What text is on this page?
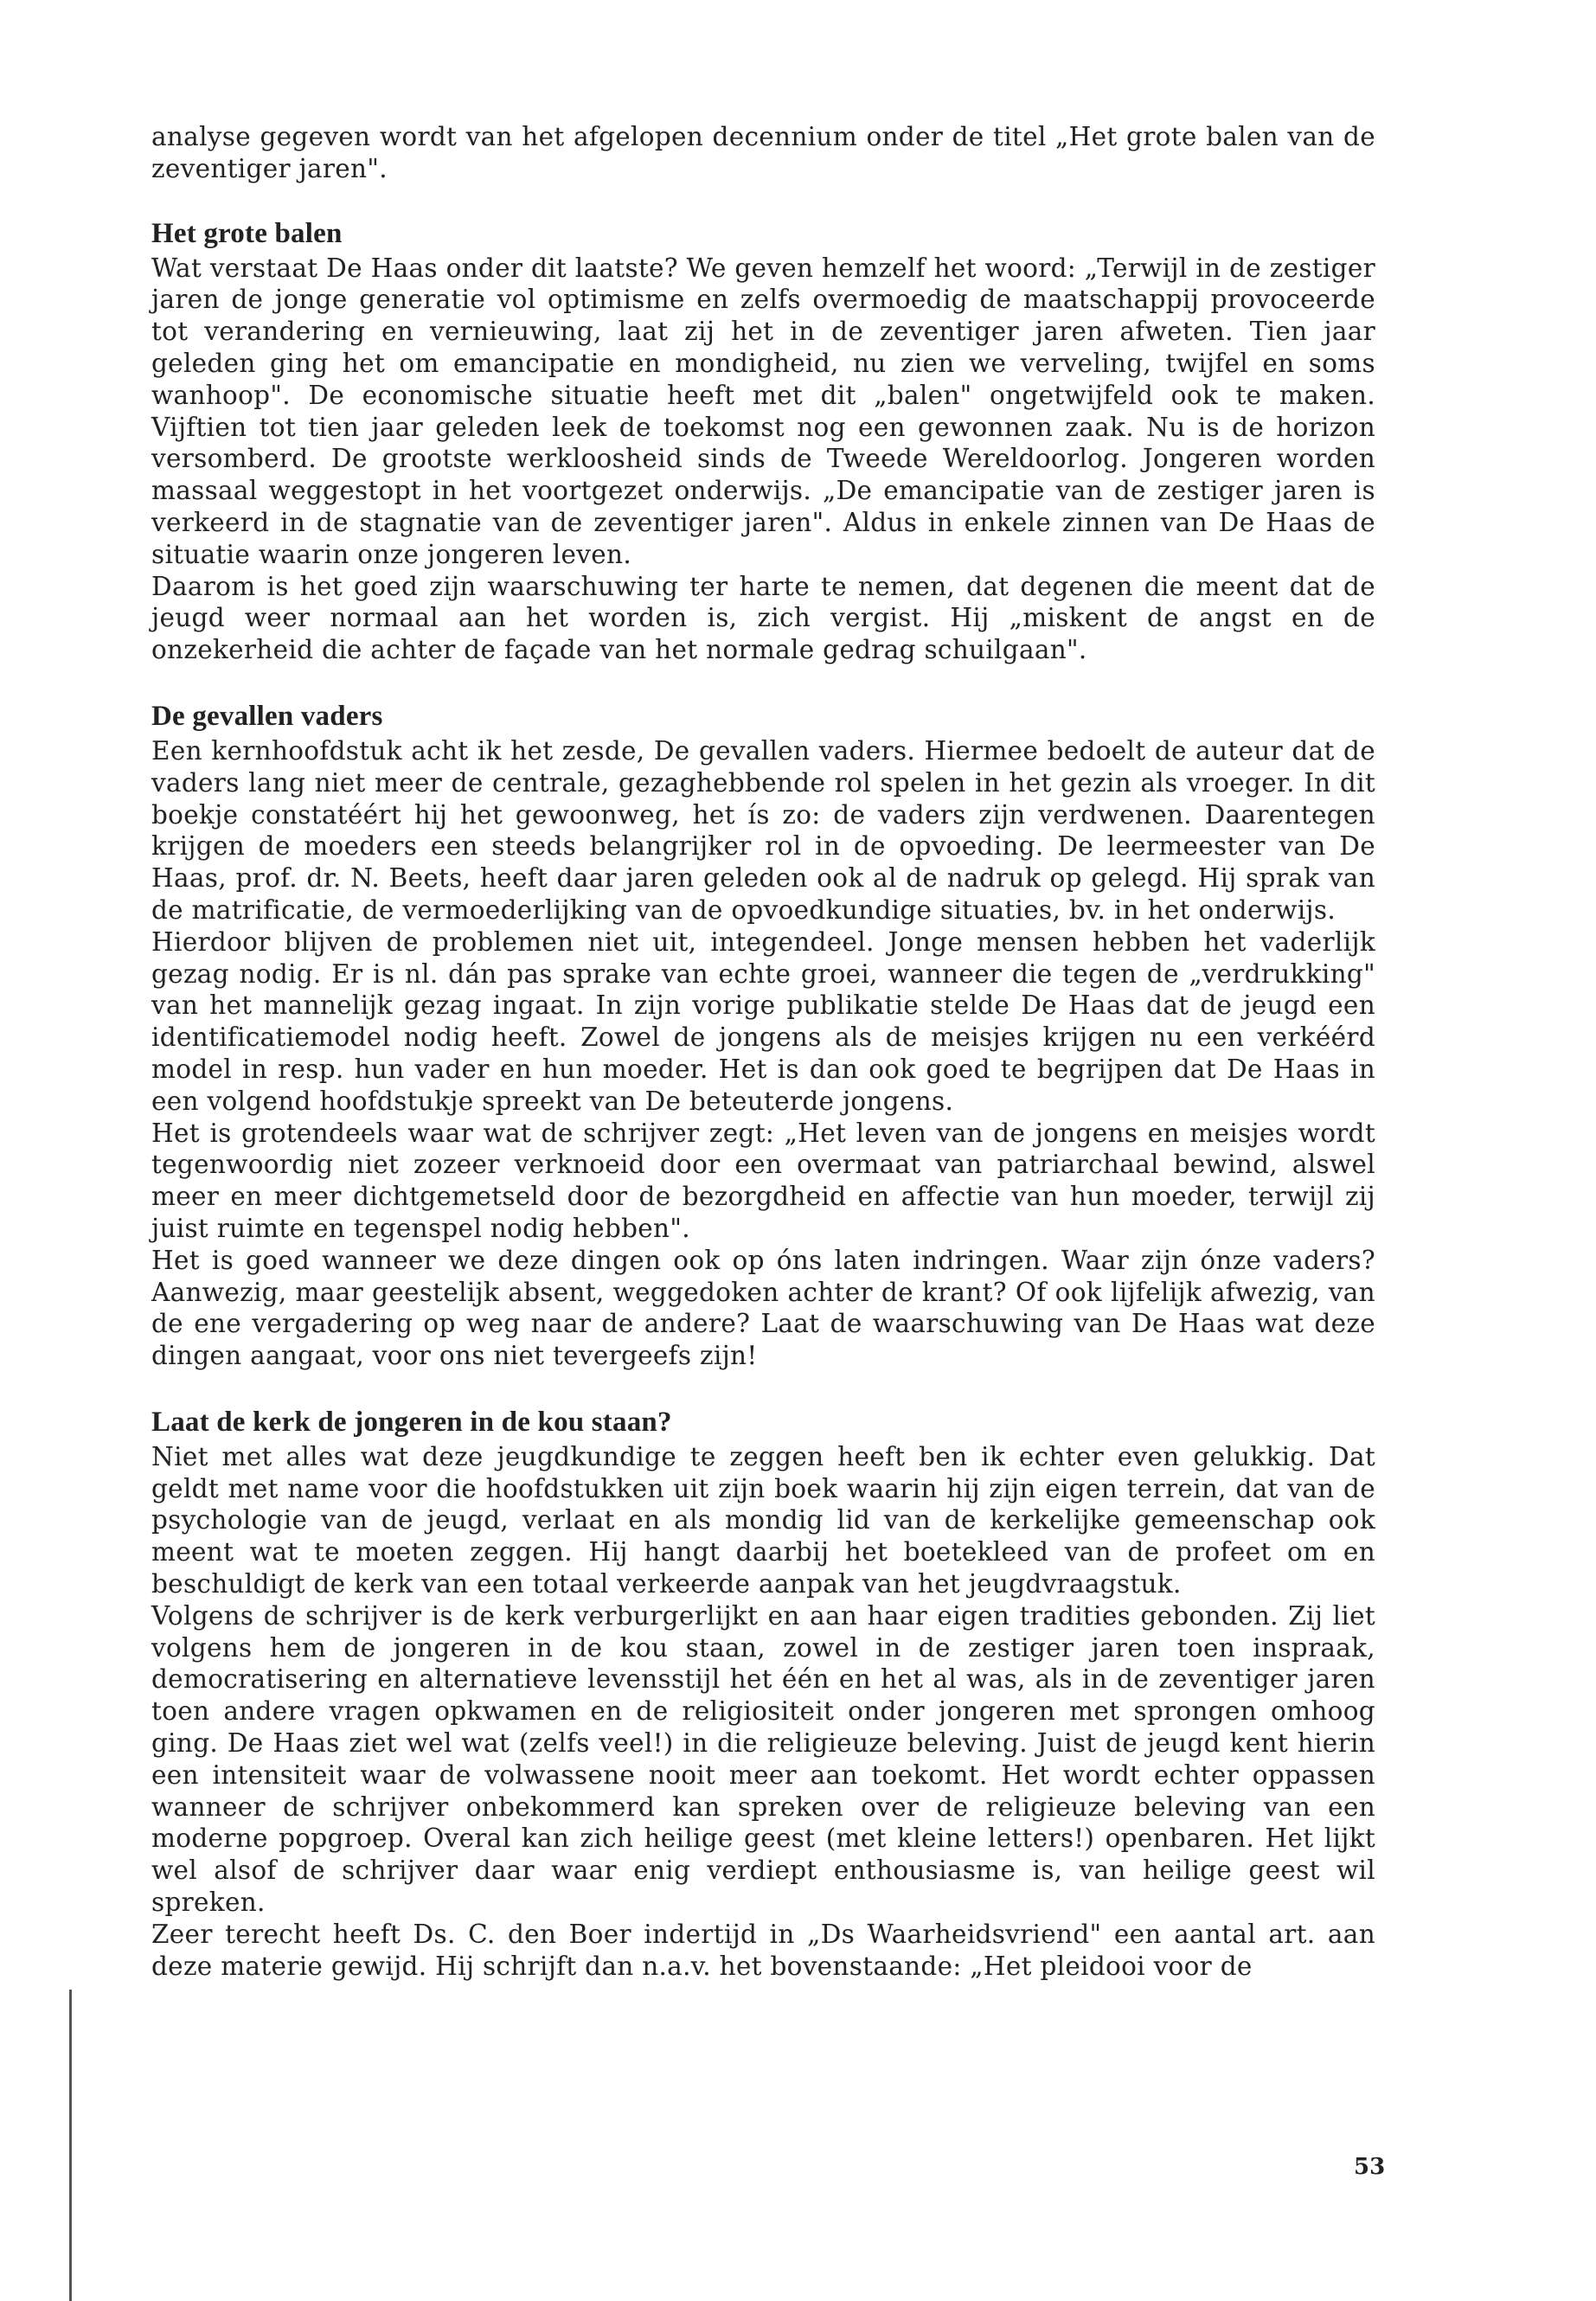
analyse gegeven wordt van het afgelopen decennium onder de titel „Het grote balen van de zeventiger jaren".

Het grote balen

Wat verstaat De Haas onder dit laatste? We geven hemzelf het woord: „Terwijl in de zestiger jaren de jonge generatie vol optimisme en zelfs overmoedig de maatschappij provoceerde tot verandering en vernieuwing, laat zij het in de zeventiger jaren afweten. Tien jaar geleden ging het om emancipatie en mondigheid, nu zien we verveling, twijfel en soms wanhoop". De economische situatie heeft met dit „balen" ongetwijfeld ook te maken. Vijftien tot tien jaar geleden leek de toekomst nog een gewonnen zaak. Nu is de horizon versomberd. De grootste werkloosheid sinds de Tweede Wereldoorlog. Jongeren worden massaal weggestopt in het voortgezet onderwijs. „De emancipatie van de zestiger jaren is verkeerd in de stagnatie van de zeventiger jaren". Aldus in enkele zinnen van De Haas de situatie waarin onze jongeren leven.

Daarom is het goed zijn waarschuwing ter harte te nemen, dat degenen die meent dat de jeugd weer normaal aan het worden is, zich vergist. Hij „miskent de angst en de onzekerheid die achter de façade van het normale gedrag schuilgaan".

De gevallen vaders

Een kernhoofdstuk acht ik het zesde, De gevallen vaders. Hiermee bedoelt de auteur dat de vaders lang niet meer de centrale, gezaghebbende rol spelen in het gezin als vroeger. In dit boekje constatéért hij het gewoonweg, het ís zo: de vaders zijn verdwenen. Daarentegen krijgen de moeders een steeds belangrijker rol in de opvoeding. De leermeester van De Haas, prof. dr. N. Beets, heeft daar jaren geleden ook al de nadruk op gelegd. Hij sprak van de matrificatie, de vermoederlijking van de opvoedkundige situaties, bv. in het onderwijs.

Hierdoor blijven de problemen niet uit, integendeel. Jonge mensen hebben het vaderlijk gezag nodig. Er is nl. dán pas sprake van echte groei, wanneer die tegen de „verdrukking" van het mannelijk gezag ingaat. In zijn vorige publikatie stelde De Haas dat de jeugd een identificatiemodel nodig heeft. Zowel de jongens als de meisjes krijgen nu een verkéérd model in resp. hun vader en hun moeder. Het is dan ook goed te begrijpen dat De Haas in een volgend hoofdstukje spreekt van De beteuterde jongens.

Het is grotendeels waar wat de schrijver zegt: „Het leven van de jongens en meisjes wordt tegenwoordig niet zozeer verknoeid door een overmaat van patriarchaal bewind, alswel meer en meer dichtgemetseld door de bezorgdheid en affectie van hun moeder, terwijl zij juist ruimte en tegenspel nodig hebben".

Het is goed wanneer we deze dingen ook op óns laten indringen. Waar zijn ónze vaders? Aanwezig, maar geestelijk absent, weggedoken achter de krant? Of ook lijfelijk afwezig, van de ene vergadering op weg naar de andere? Laat de waarschuwing van De Haas wat deze dingen aangaat, voor ons niet tevergeefs zijn!

Laat de kerk de jongeren in de kou staan?

Niet met alles wat deze jeugdkundige te zeggen heeft ben ik echter even gelukkig. Dat geldt met name voor die hoofdstukken uit zijn boek waarin hij zijn eigen terrein, dat van de psychologie van de jeugd, verlaat en als mondig lid van de kerkelijke gemeenschap ook meent wat te moeten zeggen. Hij hangt daarbij het boetekleed van de profeet om en beschuldigt de kerk van een totaal verkeerde aanpak van het jeugdvraagstuk.

Volgens de schrijver is de kerk verburgerlijkt en aan haar eigen tradities gebonden. Zij liet volgens hem de jongeren in de kou staan, zowel in de zestiger jaren toen inspraak, democratisering en alternatieve levensstijl het één en het al was, als in de zeventiger jaren toen andere vragen opkwamen en de religiositeit onder jongeren met sprongen omhoog ging. De Haas ziet wel wat (zelfs veel!) in die religieuze beleving. Juist de jeugd kent hierin een intensiteit waar de volwassene nooit meer aan toekomt. Het wordt echter oppassen wanneer de schrijver onbekommerd kan spreken over de religieuze beleving van een moderne popgroep. Overal kan zich heilige geest (met kleine letters!) openbaren. Het lijkt wel alsof de schrijver daar waar enig verdiept enthousiasme is, van heilige geest wil spreken.

Zeer terecht heeft Ds. C. den Boer indertijd in „Ds Waarheidsvriend" een aantal art. aan deze materie gewijd. Hij schrijft dan n.a.v. het bovenstaande: „Het pleidooi voor de

53
